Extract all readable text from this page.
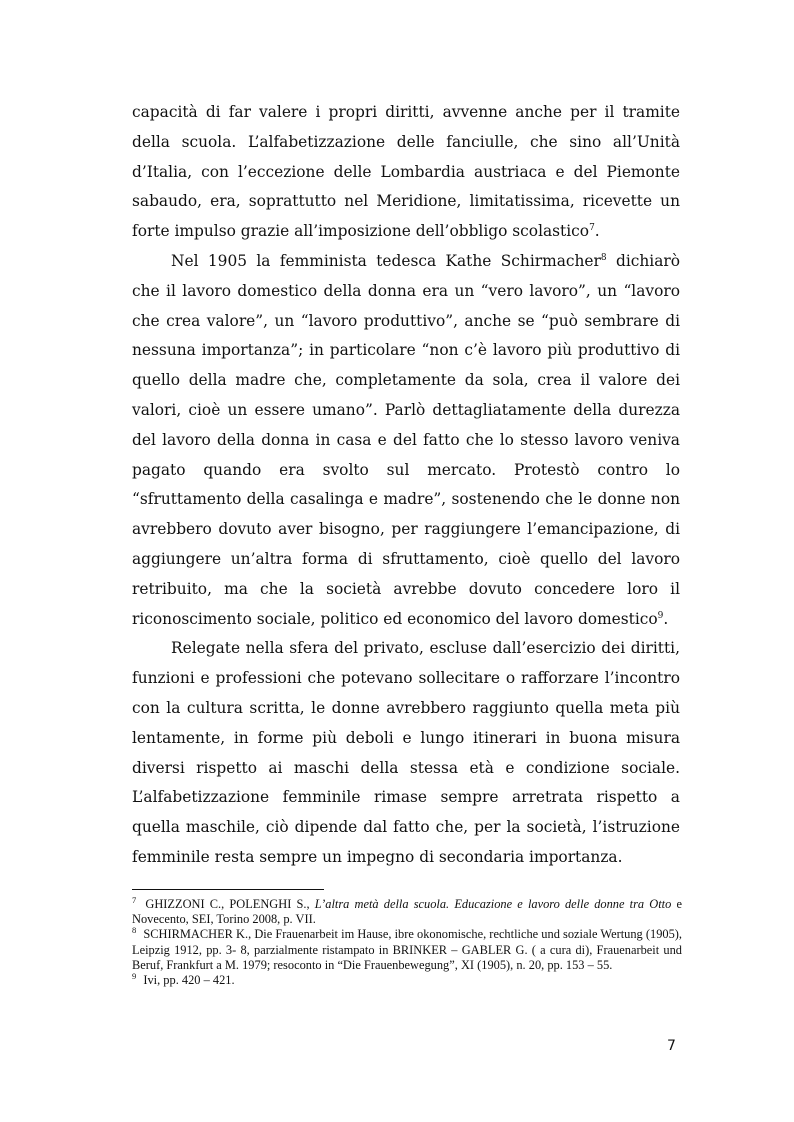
capacità di far valere i propri diritti, avvenne anche per il tramite della scuola. L’alfabetizzazione delle fanciulle, che sino all’Unità d’Italia, con l’eccezione delle Lombardia austriaca e del Piemonte sabaudo, era, soprattutto nel Meridione, limitatissima, ricevette un forte impulso grazie all’imposizione dell’obbligo scolastico$^7$.

Nel 1905 la femminista tedesca Kathe Schirmacher$^8$ dichiarò che il lavoro domestico della donna era un “vero lavoro”, un “lavoro che crea valore”, un “lavoro produttivo”, anche se “può sembrare di nessuna importanza”; in particolare “non c’è lavoro più produttivo di quello della madre che, completamente da sola, crea il valore dei valori, cioè un essere umano”. Parlò dettagliatamente della durezza del lavoro della donna in casa e del fatto che lo stesso lavoro veniva pagato quando era svolto sul mercato. Protestò contro lo “sfruttamento della casalinga e madre”, sostenendo che le donne non avrebbero dovuto aver bisogno, per raggiungere l’emancipazione, di aggiungere un’altra forma di sfruttamento, cioè quello del lavoro retribuito, ma che la società avrebbe dovuto concedere loro il riconoscimento sociale, politico ed economico del lavoro domestico$^9$.

Relegate nella sfera del privato, escluse dall’esercizio dei diritti, funzioni e professioni che potevano sollecitare o rafforzare l’incontro con la cultura scritta, le donne avrebbero raggiunto quella meta più lentamente, in forme più deboli e lungo itinerari in buona misura diversi rispetto ai maschi della stessa età e condizione sociale. L’alfabetizzazione femminile rimase sempre arretrata rispetto a quella maschile, ciò dipende dal fatto che, per la società, l’istruzione femminile resta sempre un impegno di secondaria importanza.

$^7$ GHIZZONI C., POLENGHI S., L’altra metà della scuola. Educazione e lavoro delle donne tra Otto e Novecento, SEI, Torino 2008, p. VII.

$^8$ SCHIRMACHER K., Die Frauenarbeit im Hause, ibre okonomische, rechtliche und soziale Wertung (1905), Leipzig 1912, pp. 3- 8, parzialmente ristampato in BRINKER – GABLER G. ( a cura di), Frauenarbeit und Beruf, Frankfurt a M. 1979; resoconto in “Die Frauenbewegung”, XI (1905), n. 20, pp. 153 – 55.

$^9$ Ivi, pp. 420 – 421.

7
